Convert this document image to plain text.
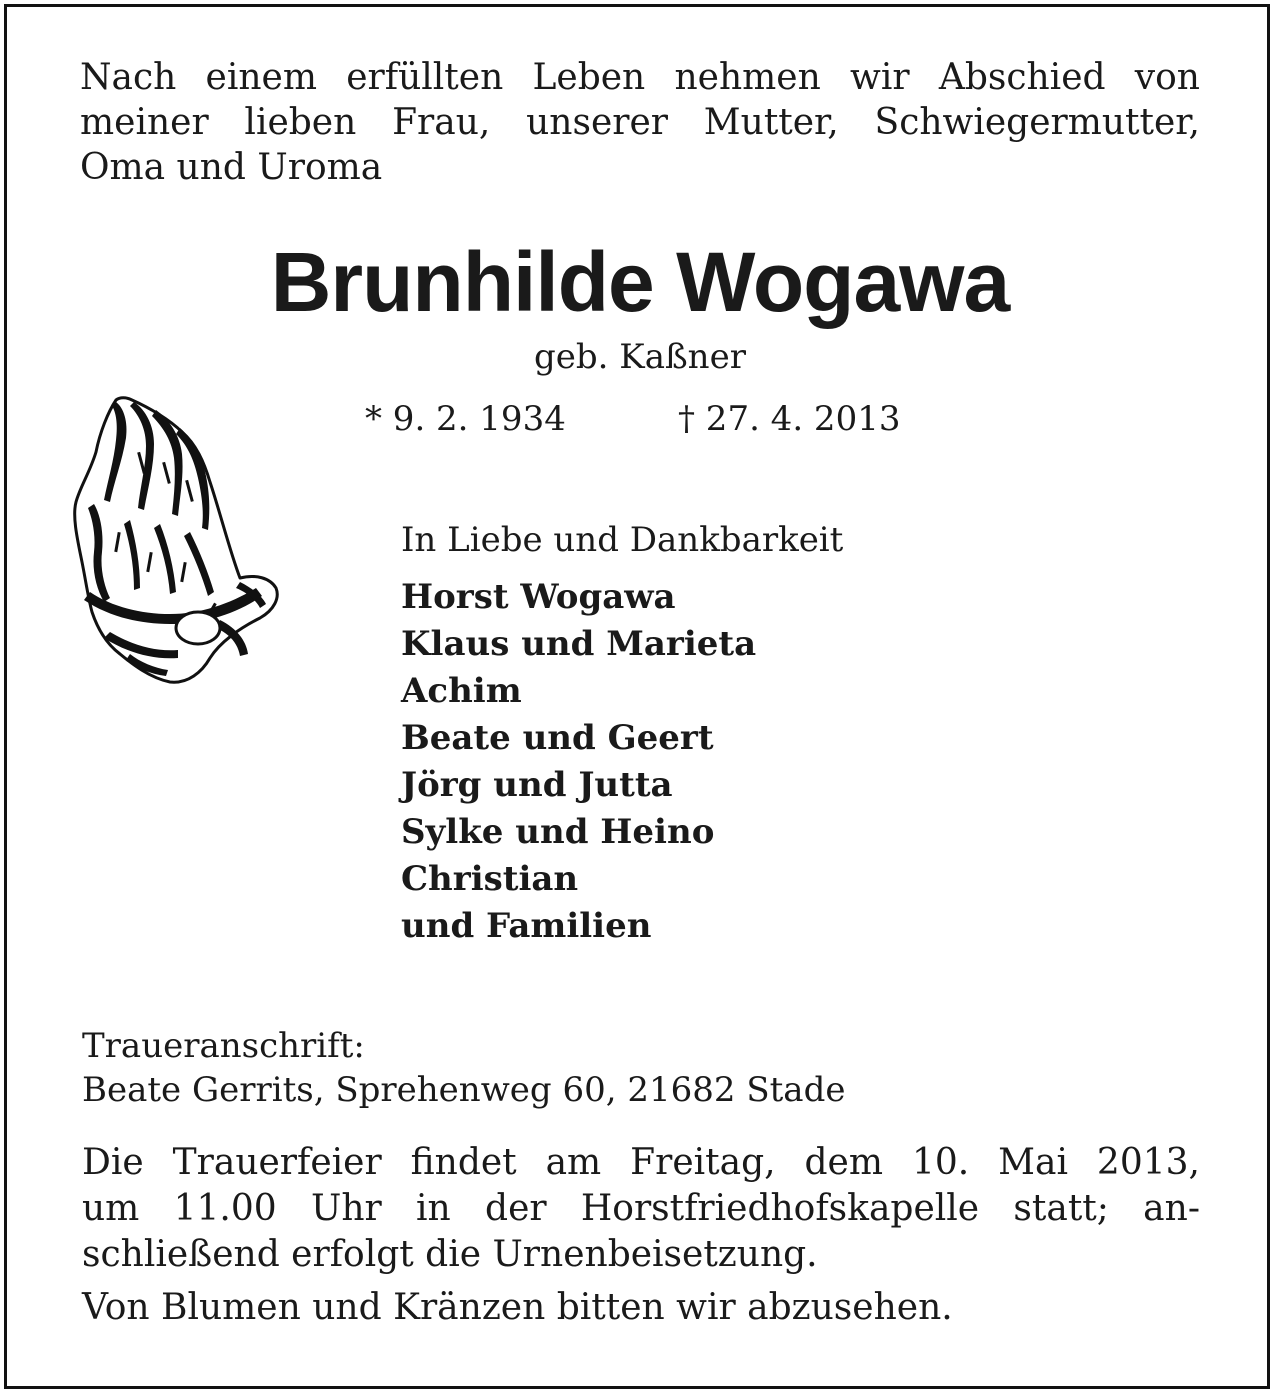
Nach einem erfüllten Leben nehmen wir Abschied von
meiner lieben Frau, unserer Mutter, Schwiegermutter,
Oma und Uroma

Brunhilde Wogawa

geb. Kaßner

* 9. 2. 1934	† 27. 4. 2013

In Liebe und Dankbarkeit

Horst Wogawa
Klaus und Marieta
Achim
Beate und Geert
Jörg und Jutta
Sylke und Heino
Christian
und Familien

Traueranschrift:

Beate Gerrits, Sprehenweg 60, 21682 Stade

Die Trauerfeier findet am Freitag, dem 10. Mai 2013,
um 11.00 Uhr in der Horstfriedhofskapelle statt; an-
schließend erfolgt die Urnenbeisetzung.

Von Blumen und Kränzen bitten wir abzusehen.
